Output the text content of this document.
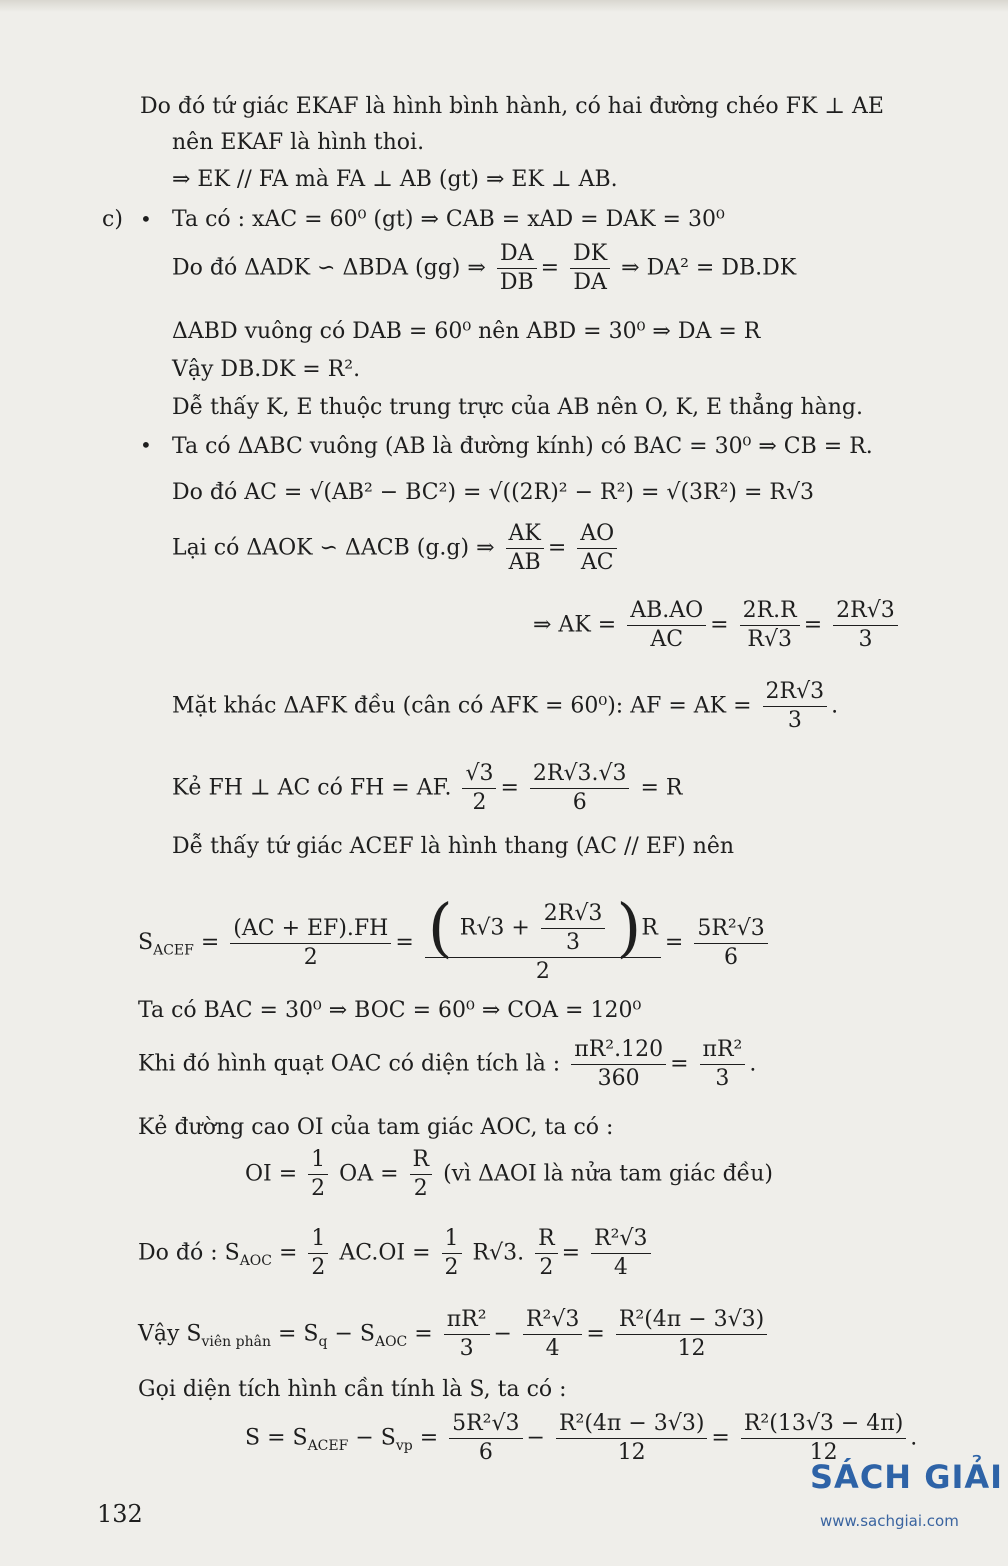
Do đó tứ giác EKAF là hình bình hành, có hai đường chéo FK ⊥ AE
nên EKAF là hình thoi.
⇒ EK // FA mà FA ⊥ AB (gt) ⇒ EK ⊥ AB.
c) • Ta có : xAC = 60⁰ (gt) ⇒ CAB = xAD = DAK = 30⁰
Do đó ΔADK ∽ ΔBDA (gg) ⇒ $\frac{DA}{DB} = \frac{DK}{DA}$ ⇒ DA² = DB.DK
ΔABD vuông có DAB = 60⁰ nên ABD = 30⁰ ⇒ DA = R
Vậy DB.DK = R².
Dễ thấy K, E thuộc trung trực của AB nên O, K, E thẳng hàng.
• Ta có ΔABC vuông (AB là đường kính) có BAC = 30⁰ ⇒ CB = R.
Do đó AC = √(AB² − BC²) = √((2R)² − R²) = √(3R²) = R√3
Lại có ΔAOK ∽ ΔACB (g.g) ⇒ $\frac{AK}{AB} = \frac{AO}{AC}$
⇒ AK = $\frac{AB.AO}{AC} = \frac{2R.R}{R√3} = \frac{2R√3}{3}$
Mặt khác ΔAFK đều (cân có AFK = 60⁰): AF = AK = $\frac{2R√3}{3}$ .
Kẻ FH ⊥ AC có FH = AF. $\frac{√3}{2} = \frac{2R√3.√3}{6} = R$
Dễ thấy tứ giác ACEF là hình thang (AC // EF) nên
$S_{ACEF} = \frac{(AC + EF).FH}{2} = \frac{( R√3 + \frac{2R√3}{3} )R}{2} = \frac{\text{5R²√3}}{6}$
Ta có BAC = 30⁰ ⇒ BOC = 60⁰ ⇒ COA = 120⁰
Khi đó hình quạt OAC có diện tích là : $\frac{\text{πR².120}}{360} = \frac{\text{πR²}}{3}$ .
Kẻ đường cao OI của tam giác AOC, ta có :
OI = $\frac{1}{2}$ OA = $\frac{R}{2}$ (vì ΔAOI là nửa tam giác đều)
Do đó : $S_{AOC} = \frac{1}{2} AC.OI = \frac{1}{2} R√3$. $\frac{R}{2} = \frac{\text{R²√3}}{4}$
Vậy $S_{viên phân} = S_q - S_{AOC} = \frac{\text{πR²}}{3} - \frac{\text{R²√3}}{4} = \frac{\text{R²(4π − 3√3)}}{12}$
Gọi diện tích hình cần tính là S, ta có :
$S = S_{ACEF} - S_{vp} = \frac{\text{5R²√3}}{6} - \frac{\text{R²(4π − 3√3)}}{12} = \frac{\text{R²(13√3 − 4π)}}{12}$ .
132
SÁCH GIẢI
www.sachgiai.com
